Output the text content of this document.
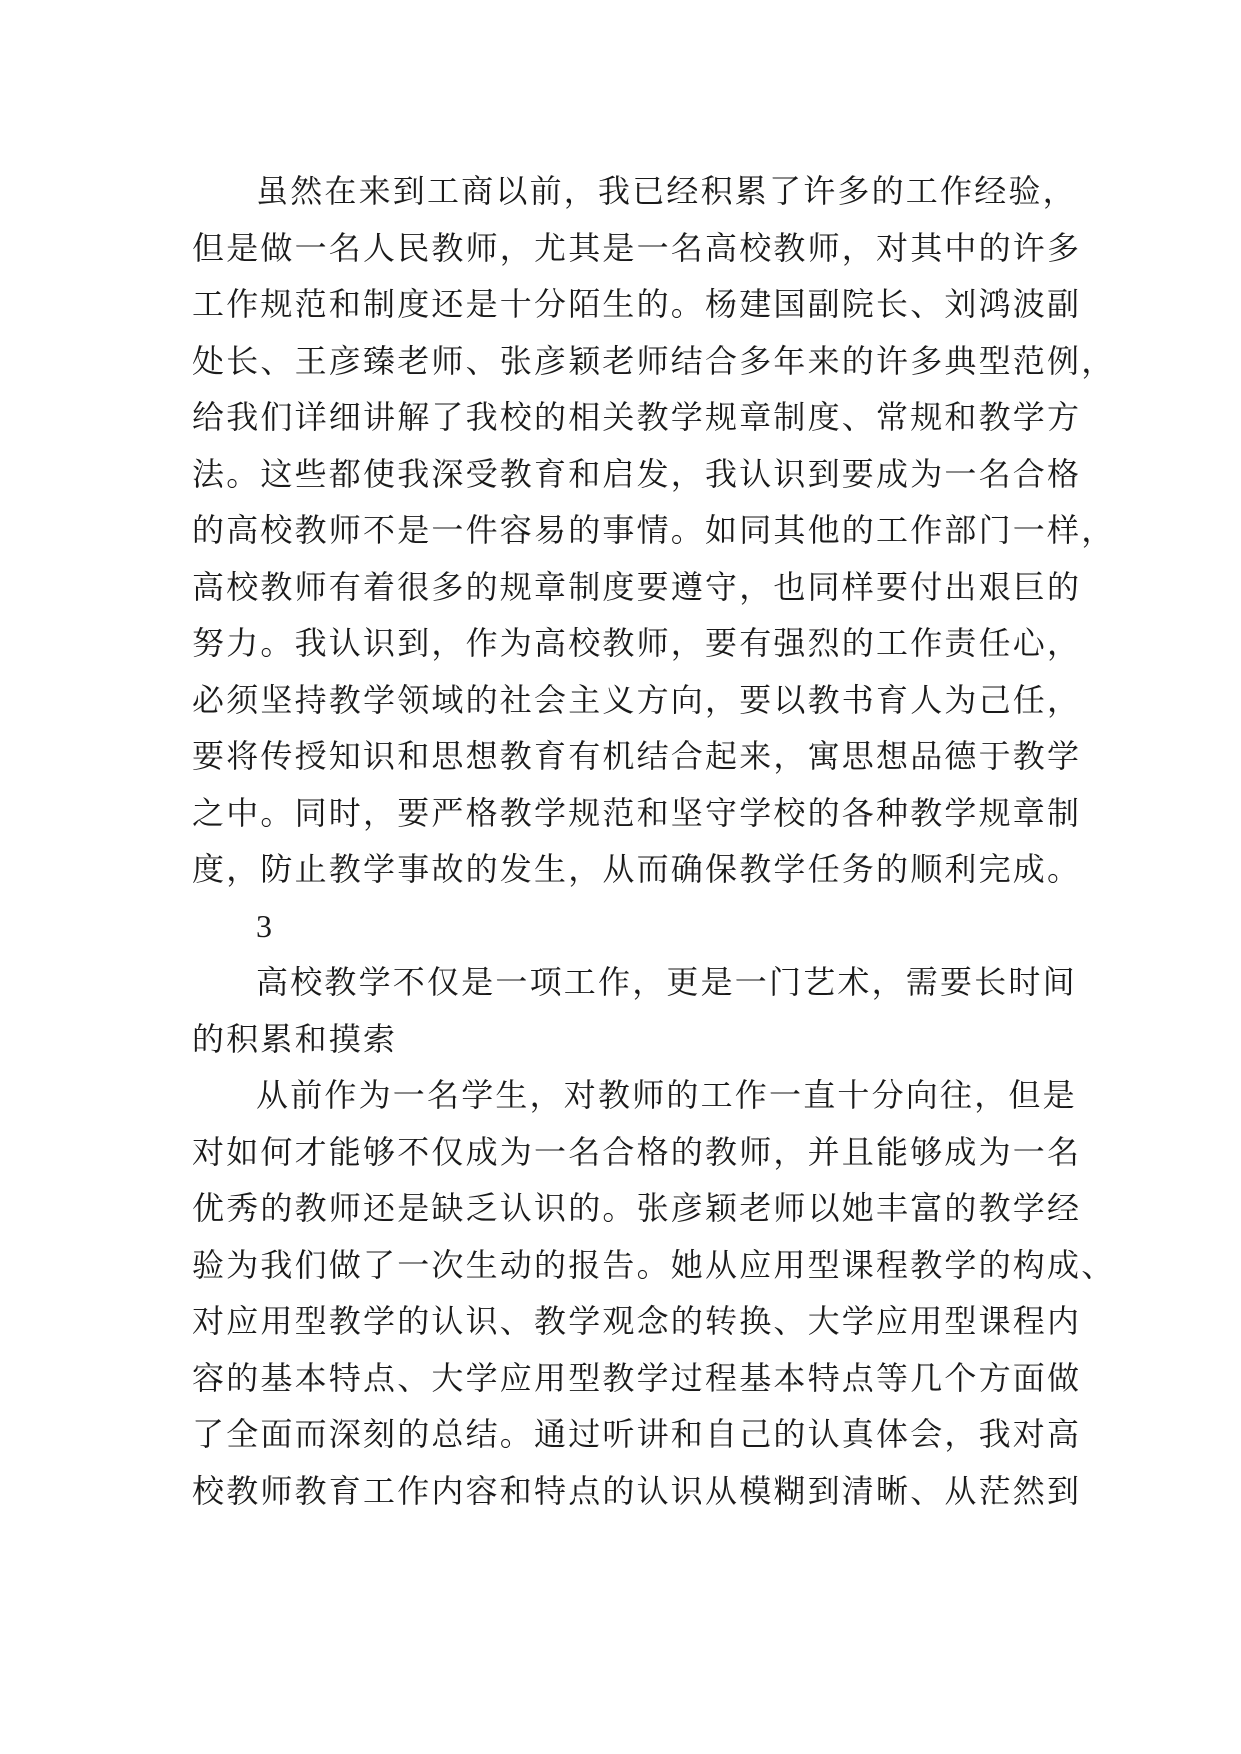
虽然在来到工商以前，我已经积累了许多的工作经验，
但是做一名人民教师，尤其是一名高校教师，对其中的许多
工作规范和制度还是十分陌生的。杨建国副院长、刘鸿波副
处长、王彦臻老师、张彦颖老师结合多年来的许多典型范例，
给我们详细讲解了我校的相关教学规章制度、常规和教学方
法。这些都使我深受教育和启发，我认识到要成为一名合格
的高校教师不是一件容易的事情。如同其他的工作部门一样，
高校教师有着很多的规章制度要遵守，也同样要付出艰巨的
努力。我认识到，作为高校教师，要有强烈的工作责任心，
必须坚持教学领域的社会主义方向，要以教书育人为己任，
要将传授知识和思想教育有机结合起来，寓思想品德于教学
之中。同时，要严格教学规范和坚守学校的各种教学规章制
度，防止教学事故的发生，从而确保教学任务的顺利完成。
3
高校教学不仅是一项工作，更是一门艺术，需要长时间
的积累和摸索
从前作为一名学生，对教师的工作一直十分向往，但是
对如何才能够不仅成为一名合格的教师，并且能够成为一名
优秀的教师还是缺乏认识的。张彦颖老师以她丰富的教学经
验为我们做了一次生动的报告。她从应用型课程教学的构成、
对应用型教学的认识、教学观念的转换、大学应用型课程内
容的基本特点、大学应用型教学过程基本特点等几个方面做
了全面而深刻的总结。通过听讲和自己的认真体会，我对高
校教师教育工作内容和特点的认识从模糊到清晰、从茫然到
